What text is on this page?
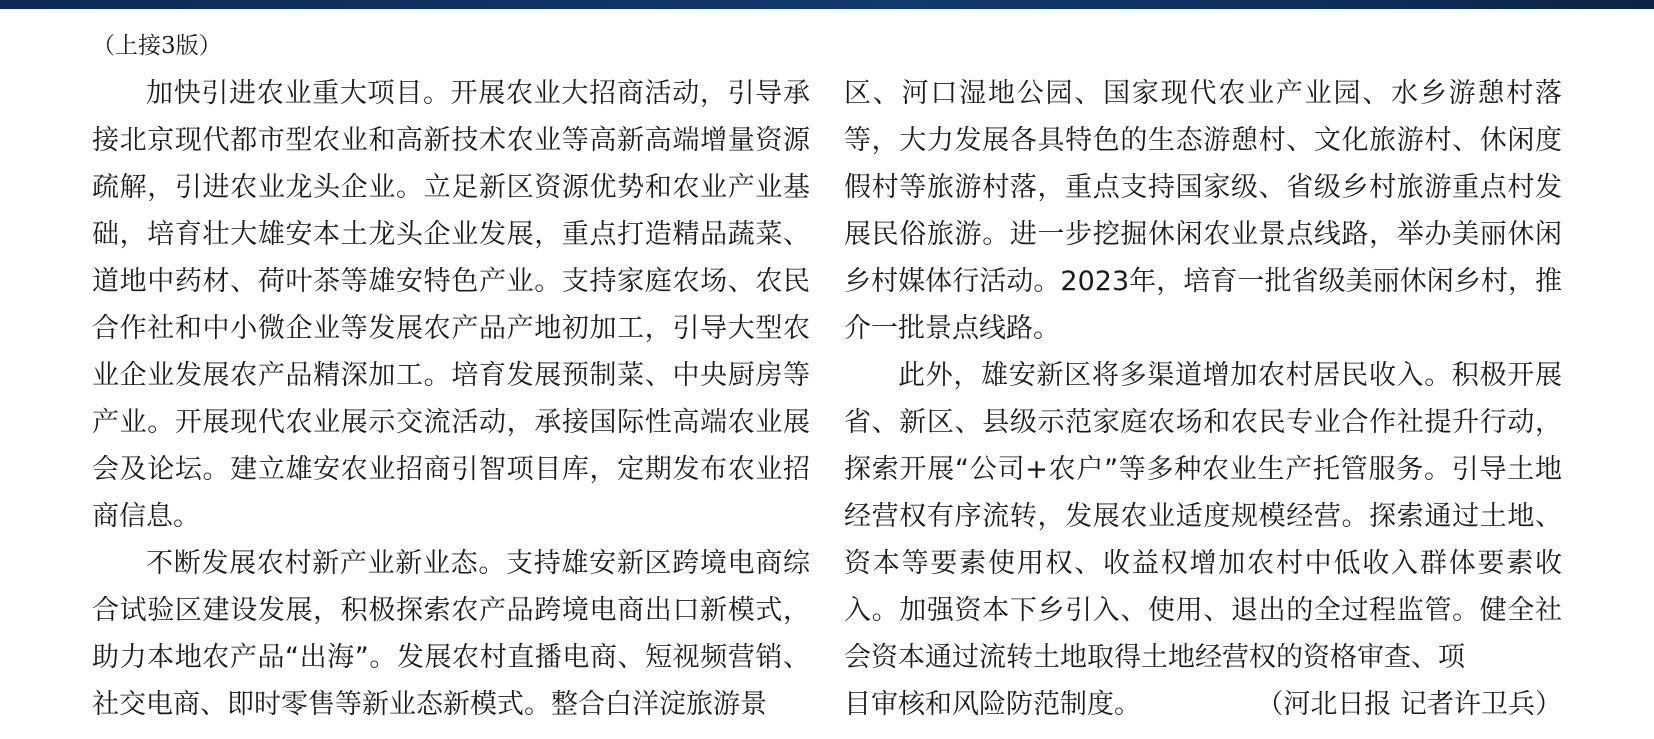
（上接3版）

加快引进农业重大项目。开展农业大招商活动，引导承接北京现代都市型农业和高新技术农业等高新高端增量资源疏解，引进农业龙头企业。立足新区资源优势和农业产业基础，培育壮大雄安本土龙头企业发展，重点打造精品蔬菜、道地中药材、荷叶茶等雄安特色产业。支持家庭农场、农民合作社和中小微企业等发展农产品产地初加工，引导大型农业企业发展农产品精深加工。培育发展预制菜、中央厨房等产业。开展现代农业展示交流活动，承接国际性高端农业展会及论坛。建立雄安农业招商引智项目库，定期发布农业招商信息。

不断发展农村新产业新业态。支持雄安新区跨境电商综合试验区建设发展，积极探索农产品跨境电商出口新模式，助力本地农产品“出海”。发展农村直播电商、短视频营销、社交电商、即时零售等新业态新模式。整合白洋淀旅游景

区、河口湿地公园、国家现代农业产业园、水乡游憩村落等，大力发展各具特色的生态游憩村、文化旅游村、休闲度假村等旅游村落，重点支持国家级、省级乡村旅游重点村发展民俗旅游。进一步挖掘休闲农业景点线路，举办美丽休闲乡村媒体行活动。2023年，培育一批省级美丽休闲乡村，推介一批景点线路。

此外，雄安新区将多渠道增加农村居民收入。积极开展省、新区、县级示范家庭农场和农民专业合作社提升行动，探索开展“公司+农户”等多种农业生产托管服务。引导土地经营权有序流转，发展农业适度规模经营。探索通过土地、资本等要素使用权、收益权增加农村中低收入群体要素收入。加强资本下乡引入、使用、退出的全过程监管。健全社会资本通过流转土地取得土地经营权的资格审查、项

目审核和风险防范制度。	（河北日报 记者许卫兵）
